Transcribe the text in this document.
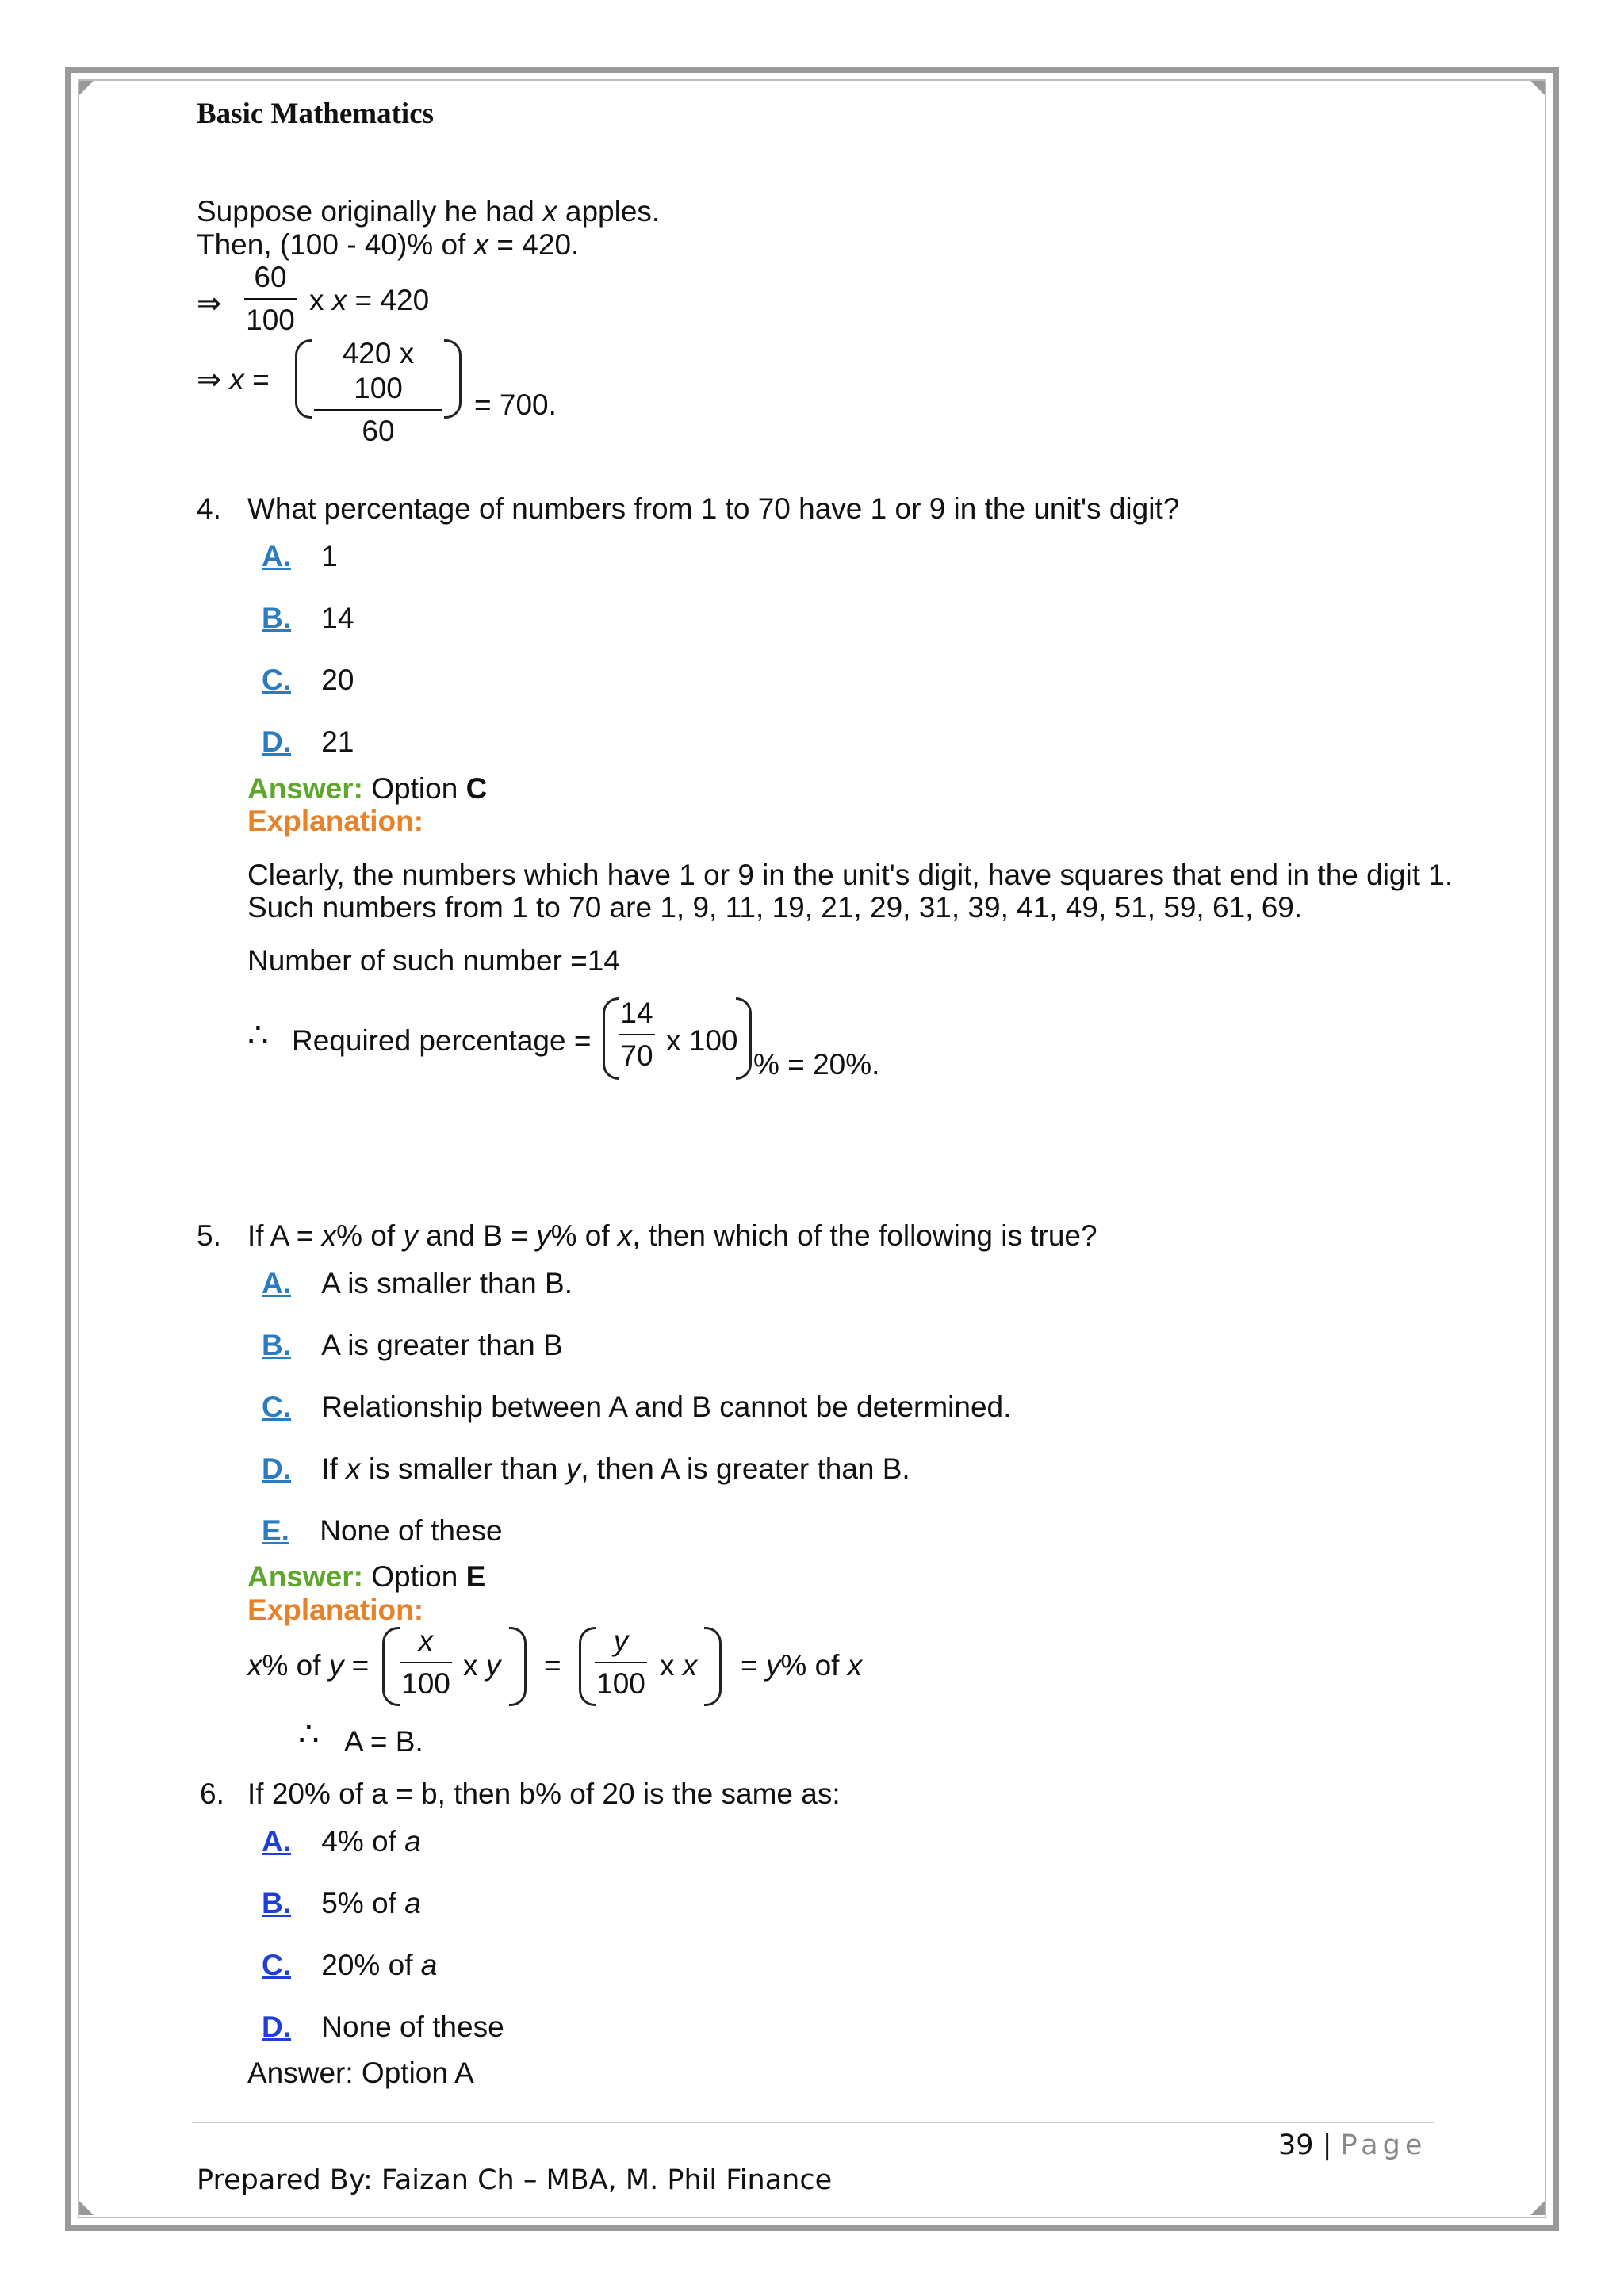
Basic Mathematics
Suppose originally he had x apples.
Then, (100 - 40)% of x = 420.
⇒
60
100
x x = 420
⇒ x =
420 x 100
60
= 700.
4. What percentage of numbers from 1 to 70 have 1 or 9 in the unit's digit?
A. 1
B. 14
C. 20
D. 21
Answer: Option C
Explanation:
Clearly, the numbers which have 1 or 9 in the unit's digit, have squares that end in the digit 1.
Such numbers from 1 to 70 are 1, 9, 11, 19, 21, 29, 31, 39, 41, 49, 51, 59, 61, 69.
Number of such number =14
∴ Required percentage =
14
70 x 100
% = 20%.
5. If A = x% of y and B = y% of x, then which of the following is true?
A. A is smaller than B.
B. A is greater than B
C. Relationship between A and B cannot be determined.
D. If x is smaller than y, then A is greater than B.
E. None of these
Answer: Option E
Explanation:
x% of y =
x
100
x y =
y
100
x x = y% of x
∴ A = B.
6. If 20% of a = b, then b% of 20 is the same as:
A. 4% of a
B. 5% of a
C. 20% of a
D. None of these
Answer: Option A
39 | Page
Prepared By: Faizan Ch – MBA, M. Phil Finance
